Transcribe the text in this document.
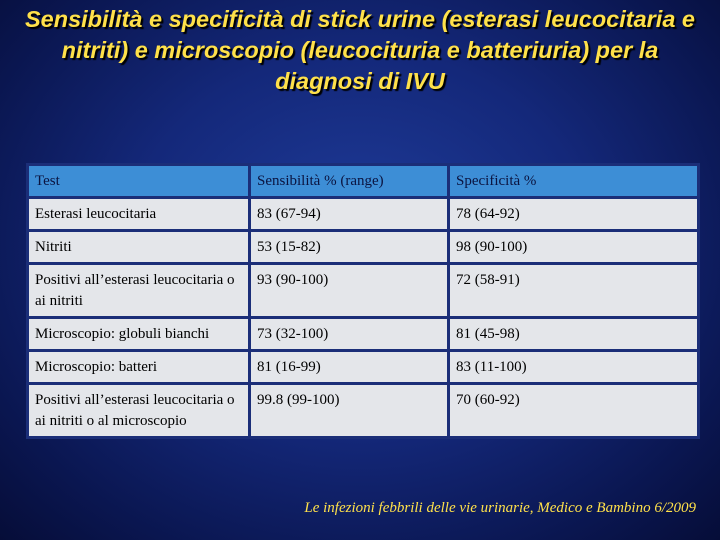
Sensibilità e specificità di stick urine (esterasi leucocitaria e nitriti) e microscopio (leucocituria e batteriuria) per la diagnosi di IVU
Test	Sensibilità % (range)	Specificità %
Esterasi leucocitaria	83 (67-94)	78 (64-92)
Nitriti	53 (15-82)	98 (90-100)
Positivi all’esterasi leucocitaria o ai nitriti	93 (90-100)	72 (58-91)
Microscopio: globuli bianchi	73 (32-100)	81 (45-98)
Microscopio: batteri	81 (16-99)	83 (11-100)
Positivi all’esterasi leucocitaria o ai nitriti o al microscopio	99.8 (99-100)	70 (60-92)
Le infezioni febbrili delle vie urinarie, Medico e Bambino 6/2009
